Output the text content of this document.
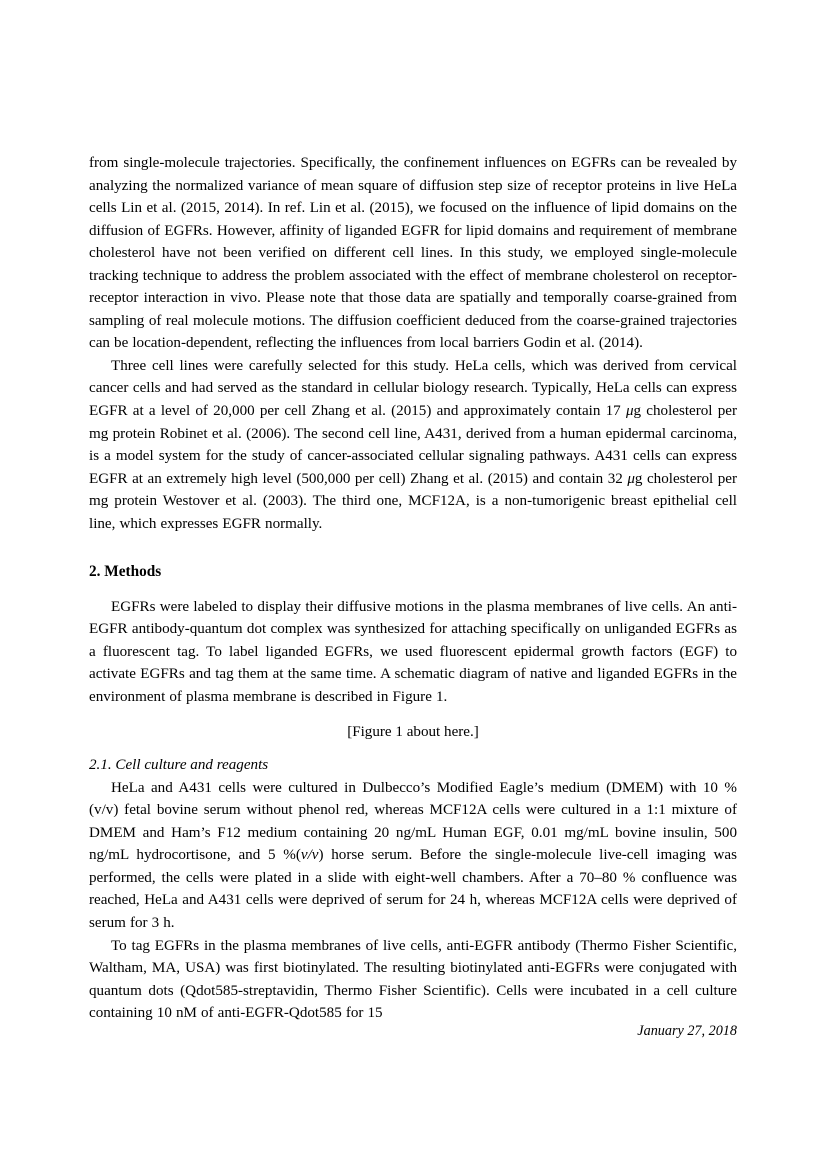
from single-molecule trajectories. Specifically, the confinement influences on EGFRs can be revealed by analyzing the normalized variance of mean square of diffusion step size of receptor proteins in live HeLa cells Lin et al. (2015, 2014). In ref. Lin et al. (2015), we focused on the influence of lipid domains on the diffusion of EGFRs. However, affinity of liganded EGFR for lipid domains and requirement of membrane cholesterol have not been verified on different cell lines. In this study, we employed single-molecule tracking technique to address the problem associated with the effect of membrane cholesterol on receptor-receptor interaction in vivo. Please note that those data are spatially and temporally coarse-grained from sampling of real molecule motions. The diffusion coefficient deduced from the coarse-grained trajectories can be location-dependent, reflecting the influences from local barriers Godin et al. (2014).

Three cell lines were carefully selected for this study. HeLa cells, which was derived from cervical cancer cells and had served as the standard in cellular biology research. Typically, HeLa cells can express EGFR at a level of 20,000 per cell Zhang et al. (2015) and approximately contain 17 μg cholesterol per mg protein Robinet et al. (2006). The second cell line, A431, derived from a human epidermal carcinoma, is a model system for the study of cancer-associated cellular signaling pathways. A431 cells can express EGFR at an extremely high level (500,000 per cell) Zhang et al. (2015) and contain 32 μg cholesterol per mg protein Westover et al. (2003). The third one, MCF12A, is a non-tumorigenic breast epithelial cell line, which expresses EGFR normally.

2. Methods

EGFRs were labeled to display their diffusive motions in the plasma membranes of live cells. An anti-EGFR antibody-quantum dot complex was synthesized for attaching specifically on unliganded EGFRs as a fluorescent tag. To label liganded EGFRs, we used fluorescent epidermal growth factors (EGF) to activate EGFRs and tag them at the same time. A schematic diagram of native and liganded EGFRs in the environment of plasma membrane is described in Figure 1.

[Figure 1 about here.]

2.1. Cell culture and reagents

HeLa and A431 cells were cultured in Dulbecco’s Modified Eagle’s medium (DMEM) with 10 % (v/v) fetal bovine serum without phenol red, whereas MCF12A cells were cultured in a 1:1 mixture of DMEM and Ham’s F12 medium containing 20 ng/mL Human EGF, 0.01 mg/mL bovine insulin, 500 ng/mL hydrocortisone, and 5 %(v/v) horse serum. Before the single-molecule live-cell imaging was performed, the cells were plated in a slide with eight-well chambers. After a 70–80 % confluence was reached, HeLa and A431 cells were deprived of serum for 24 h, whereas MCF12A cells were deprived of serum for 3 h.

To tag EGFRs in the plasma membranes of live cells, anti-EGFR antibody (Thermo Fisher Scientific, Waltham, MA, USA) was first biotinylated. The resulting biotinylated anti-EGFRs were conjugated with quantum dots (Qdot585-streptavidin, Thermo Fisher Scientific). Cells were incubated in a cell culture containing 10 nM of anti-EGFR-Qdot585 for 15

January 27, 2018
